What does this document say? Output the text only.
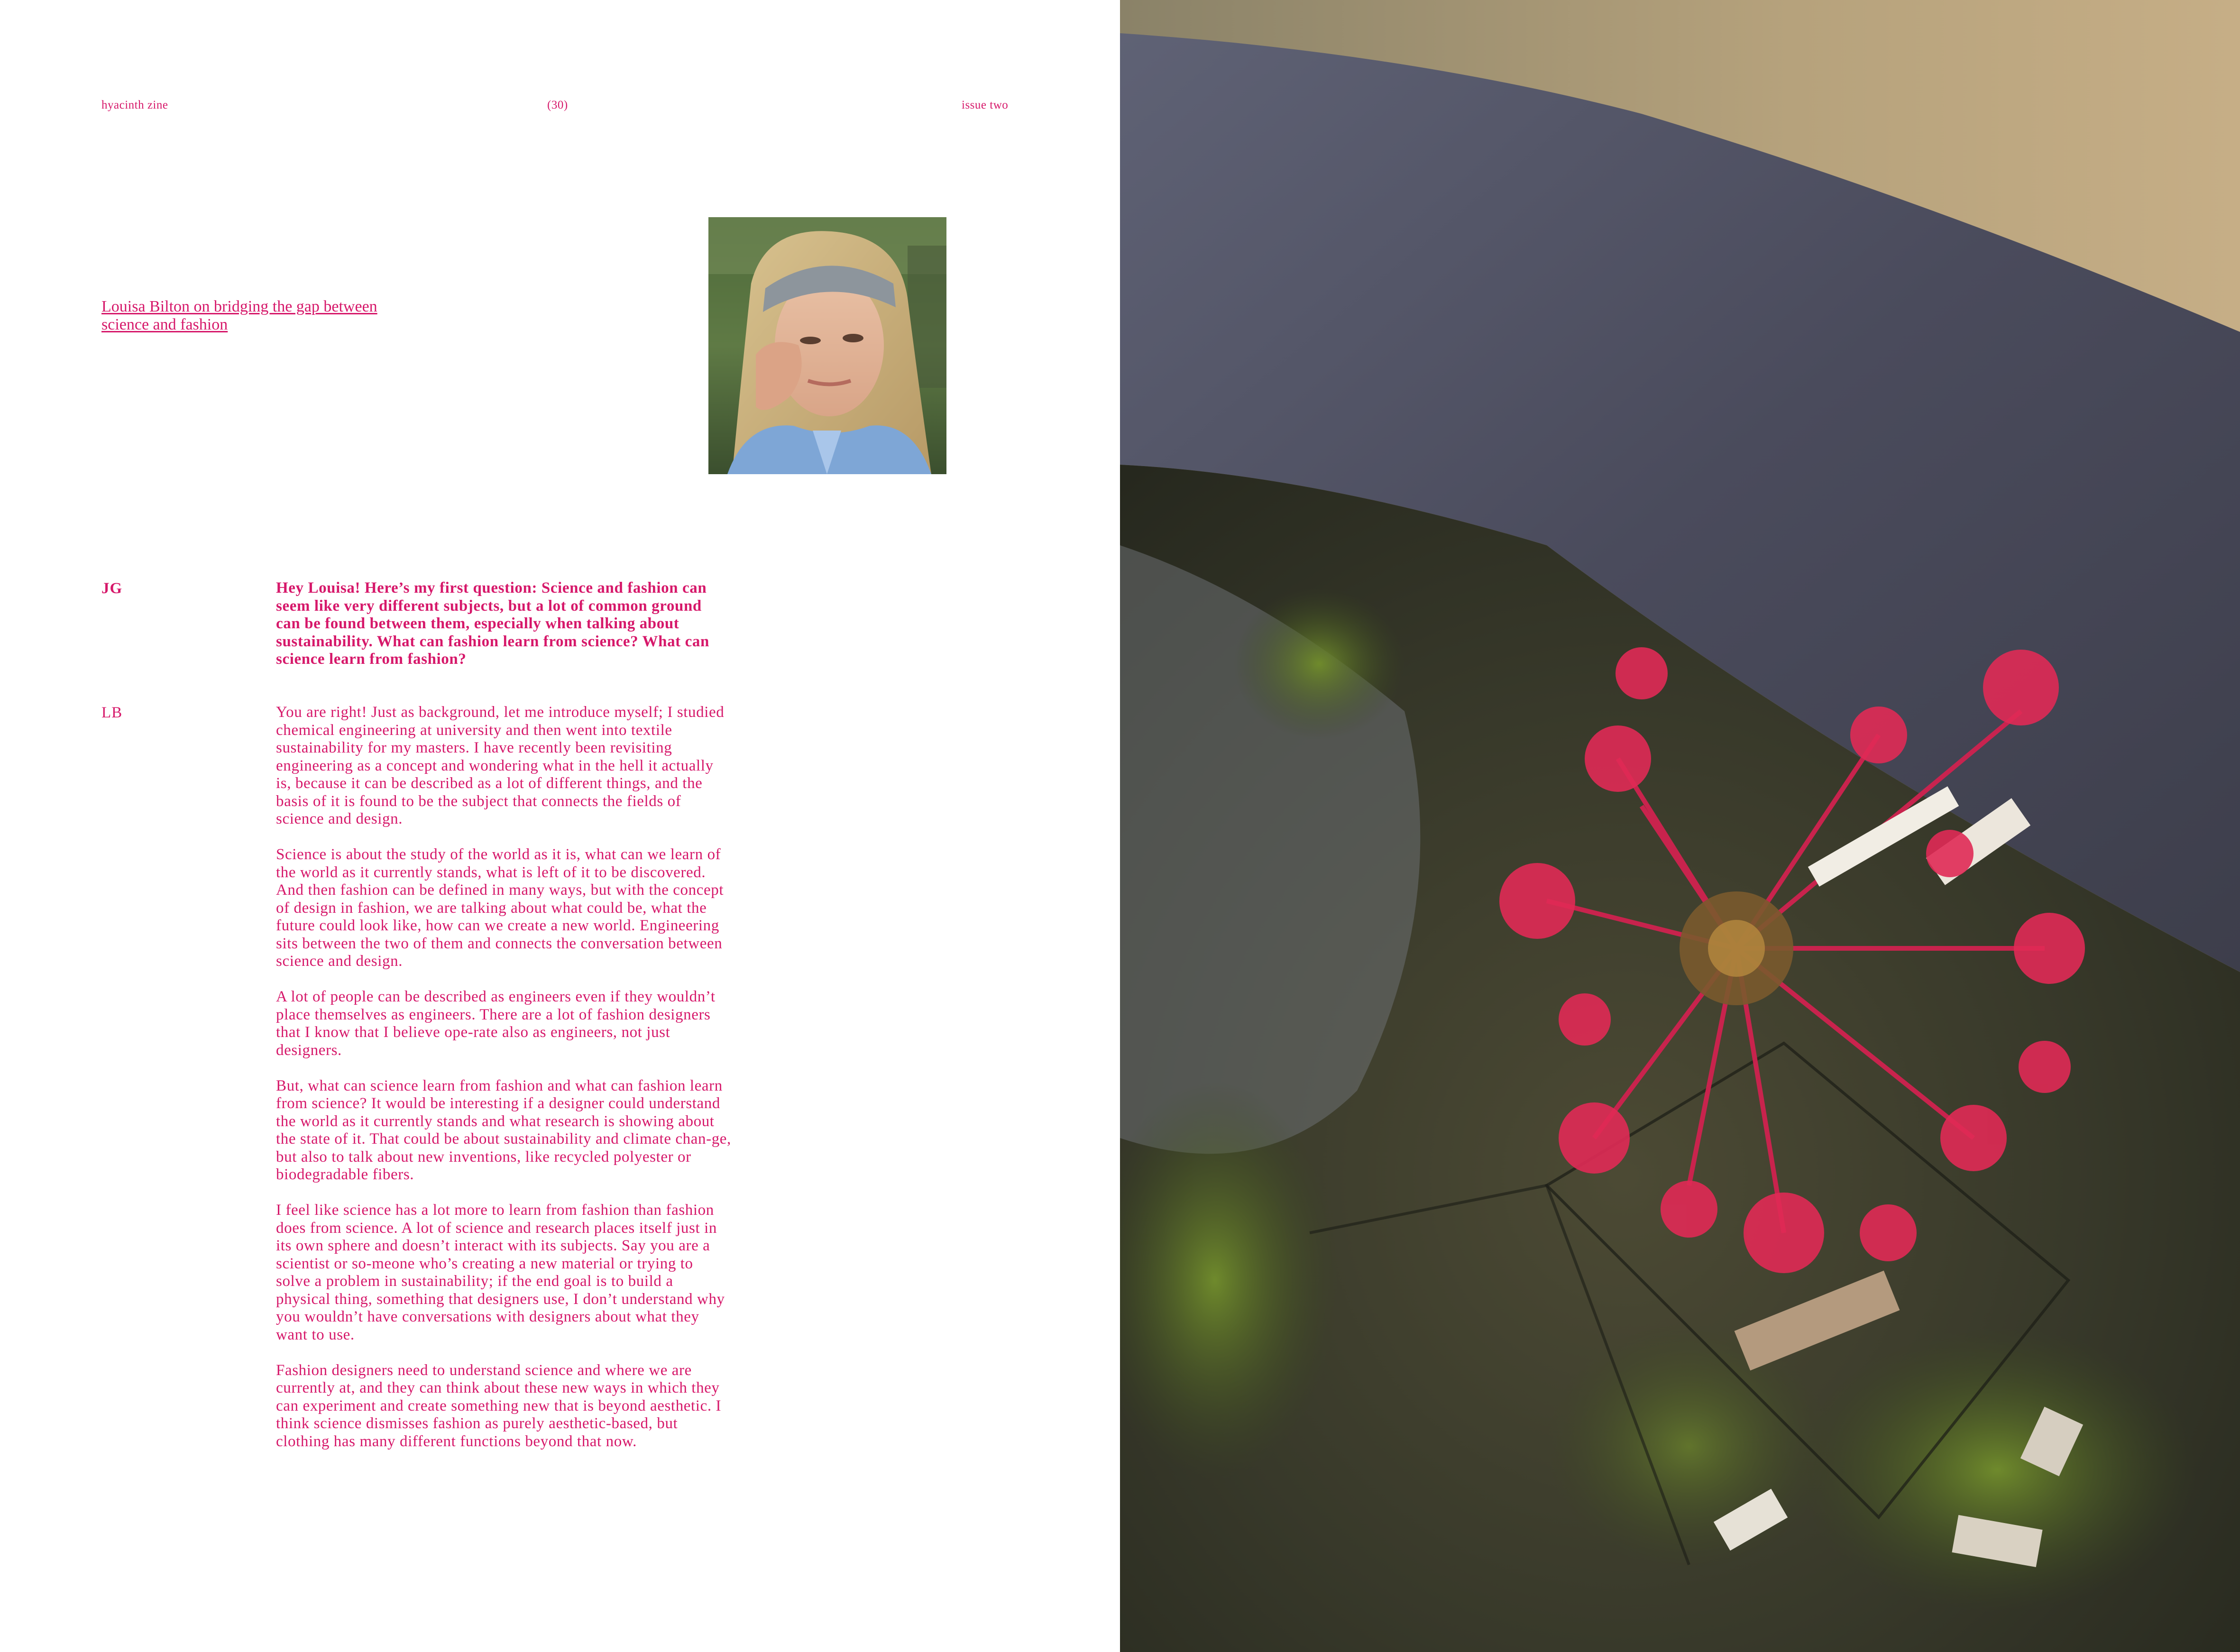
hyacinth zine	(30)	issue two
Louisa Bilton on bridging the gap between
science and fashion
JG	Hey Louisa! Here’s my first question: Science and fashion can seem like very different subjects, but a lot of common ground can be found between them, especially when talking about sustainability. What can fashion learn from science? What can science learn from fashion?
LB	You are right! Just as background, let me introduce myself; I studied chemical engineering at university and then went into textile sustainability for my masters. I have recently been revisiting engineering as a concept and wondering what in the hell it actually is, because it can be described as a lot of different things, and the basis of it is found to be the subject that connects the fields of science and design.

Science is about the study of the world as it is, what can we learn of the world as it currently stands, what is left of it to be discovered. And then fashion can be defined in many ways, but with the concept of design in fashion, we are talking about what could be, what the future could look like, how can we create a new world. Engineering sits between the two of them and connects the conversation between science and design.

A lot of people can be described as engineers even if they wouldn’t place themselves as engineers. There are a lot of fashion designers that I know that I believe ope-rate also as engineers, not just designers.

But, what can science learn from fashion and what can fashion learn from science? It would be interesting if a designer could understand the world as it currently stands and what research is showing about the state of it. That could be about sustainability and climate chan-ge, but also to talk about new inventions, like recycled polyester or biodegradable fibers.

I feel like science has a lot more to learn from fashion than fashion does from science. A lot of science and research places itself just in its own sphere and doesn’t interact with its subjects. Say you are a scientist or so-meone who’s creating a new material or trying to solve a problem in sustainability; if the end goal is to build a physical thing, something that designers use, I don’t understand why you wouldn’t have conversations with designers about what they want to use.

Fashion designers need to understand science and where we are currently at, and they can think about these new ways in which they can experiment and create something new that is beyond aesthetic. I think science dismisses fashion as purely aesthetic-based, but clothing has many different functions beyond that now.
